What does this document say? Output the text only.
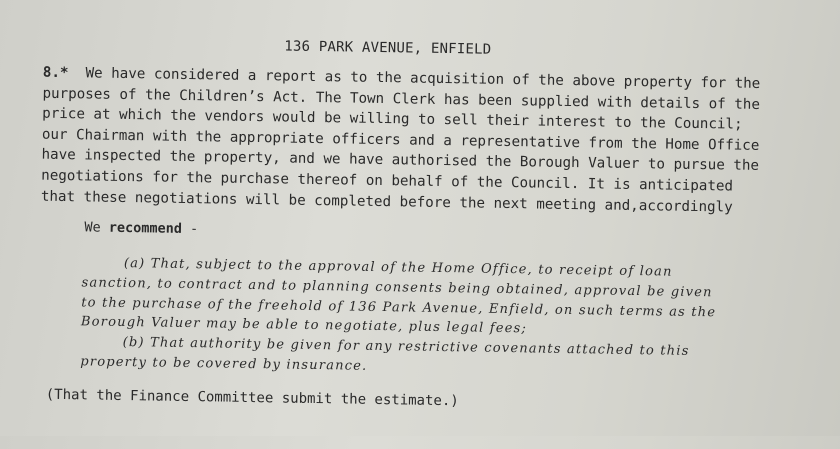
136 PARK AVENUE, ENFIELD
8.* We have considered a report as to the acquisition of the above property for the
purposes of the Children’s Act. The Town Clerk has been supplied with details of the
price at which the vendors would be willing to sell their interest to the Council;
our Chairman with the appropriate officers and a representative from the Home Office
have inspected the property, and we have authorised the Borough Valuer to pursue the
negotiations for the purchase thereof on behalf of the Council. It is anticipated
that these negotiations will be completed before the next meeting and,accordingly
We recommend -
(a) That, subject to the approval of the Home Office, to receipt of loan
sanction, to contract and to planning consents being obtained, approval be given
to the purchase of the freehold of 136 Park Avenue, Enfield, on such terms as the
Borough Valuer may be able to negotiate, plus legal fees;
(b) That authority be given for any restrictive covenants attached to this
property to be covered by insurance.
(That the Finance Committee submit the estimate.)
